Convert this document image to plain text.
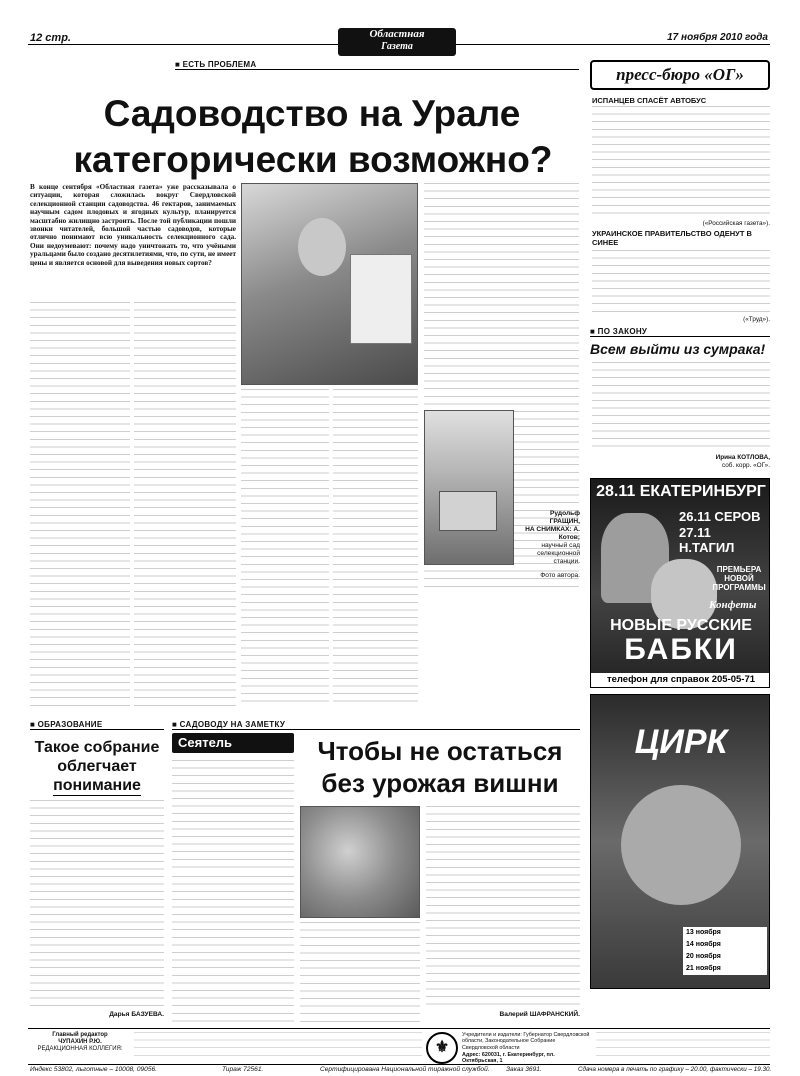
12 стр.	Областная
Газета
17 ноября 2010 года
■ ЕСТЬ ПРОБЛЕМА
Садоводство на Урале
категорически возможно?
В конце сентября «Областная газета» уже рассказывала о ситуации, которая сложилась вокруг Свердловской селекционной станции садоводства. 46 гектаров, занимаемых научным садом плодовых и ягодных культур, планируется масштабно жилищно застроить. После той публикации пошли звонки читателей, большой частью садоводов, которые отлично понимают всю уникальность селекционного сада. Они недоумевают: почему надо уничтожать то, что учёными уральцами было создано десятилетиями, что, по сути, не имеет цены и является основой для выведения новых сортов?
Рудольф ГРАЩИН,
НА СНИМКАХ: А. Котов;
научный сад селекционной станции.
Фото автора.
пресс-бюро «ОГ»
ИСПАНЦЕВ СПАСЁТ АВТОБУС
(«Российская газета»).
УКРАИНСКОЕ ПРАВИТЕЛЬСТВО ОДЕНУТ В СИНЕЕ
(«Труд»).
■ ПО ЗАКОНУ
Всем выйти из сумрака!
Ирина КОТЛОВА,
соб. корр. «ОГ».
28.11 ЕКАТЕРИНБУРГ
26.11 СЕРОВ
27.11 Н.ТАГИЛ
ПРЕМЬЕРА
НОВОЙ
ПРОГРАММЫ
Конфеты
НОВЫЕ РУССКИЕ
БАБКИ
телефон для справок 205-05-71
ЦИРК
13 ноября
14 ноября
20 ноября
21 ноября
■ ОБРАЗОВАНИЕ
Такое собрание
облегчает
понимание
Дарья БАЗУЕВА.
■ САДОВОДУ НА ЗАМЕТКУ
Сеятель	Чтобы не остаться
без урожая вишни
Валерий ШАФРАНСКИЙ.
Главный редактор
ЧУПАХИН Р.Ю.
РЕДАКЦИОННАЯ КОЛЛЕГИЯ:	⚜
Учредители и издатели: Губернатор Свердловской области, Законодательное Собрание Свердловской области
Адрес: 620031, г. Екатеринбург, пл. Октябрьская, 1
Индекс 53802, льготные – 10008, 09056.	Тираж 72561.	Сертифицирована Национальной тиражной службой. Заказ 3691.	Сдача номера в печать по графику – 20.00, фактически – 19.30.
